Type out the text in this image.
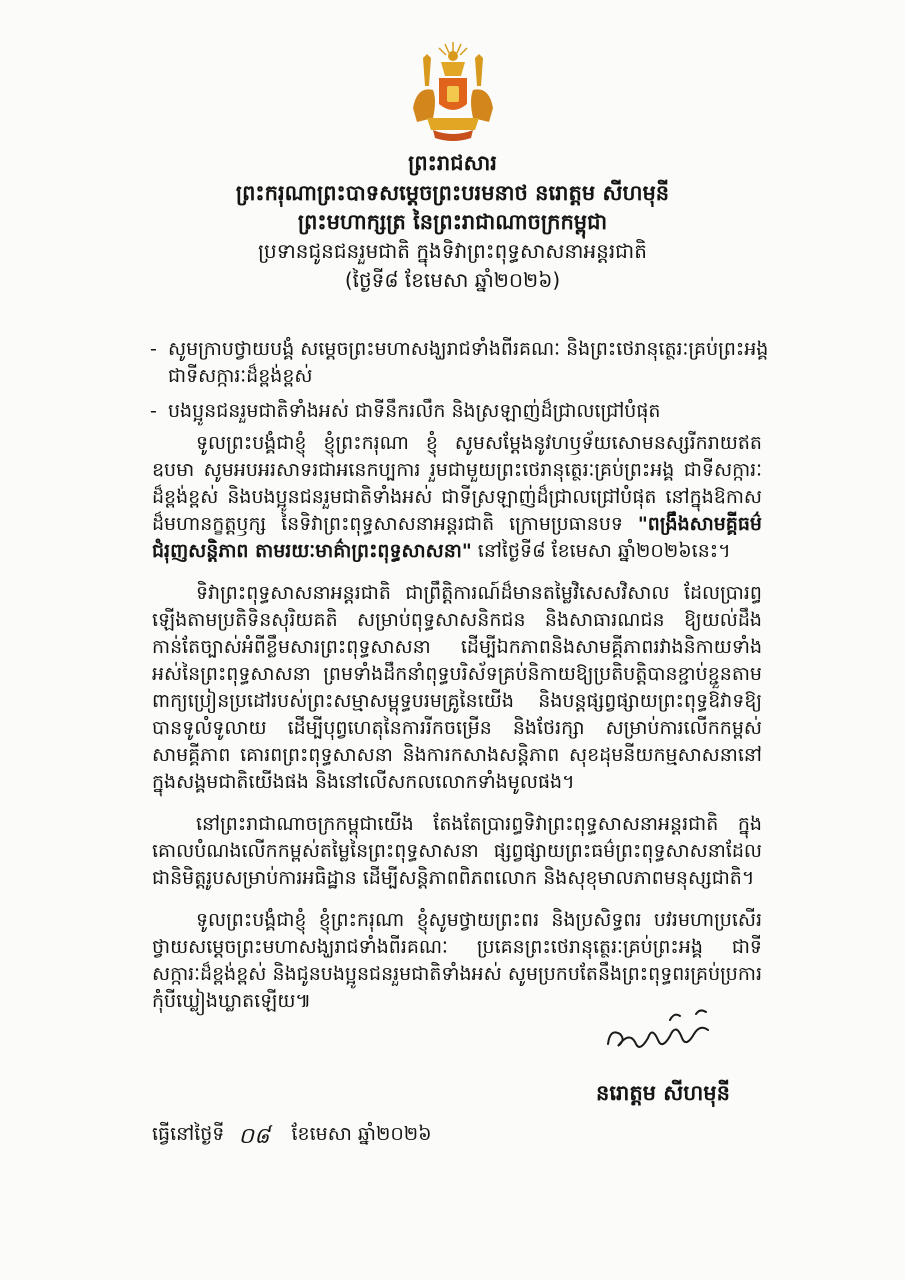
ព្រះរាជសារ
ព្រះករុណាព្រះបាទសម្ដេចព្រះបរមនាថ នរោត្តម សីហមុនី
ព្រះមហាក្សត្រ នៃព្រះរាជាណាចក្រកម្ពុជា
ប្រទានជូនជនរួមជាតិ ក្នុងទិវាព្រះពុទ្ធសាសនាអន្តរជាតិ
(ថ្ងៃទី៨ ខែមេសា ឆ្នាំ២០២៦)
- សូមក្រាបថ្វាយបង្គំ សម្ដេចព្រះមហាសង្ឃរាជទាំងពីរគណៈ និងព្រះថេរានុត្ថេរៈគ្រប់ព្រះអង្គ ជាទីសក្ការៈដ៏ខ្ពង់ខ្ពស់
- បងប្អូនជនរួមជាតិទាំងអស់ ជាទីនឹករលឹក និងស្រឡាញ់ដ៏ជ្រាលជ្រៅបំផុត

ទូលព្រះបង្គំជាខ្ញុំ ខ្ញុំព្រះករុណា ខ្ញុំ សូមសម្ដែងនូវហឫទ័យសោមនស្សរីករាយឥតឧបមា សូមអបអរសាទរជាអនេកប្បការ រួមជាមួយព្រះថេរានុត្ថេរៈគ្រប់ព្រះអង្គ ជាទីសក្ការៈដ៏ខ្ពង់ខ្ពស់ និងបងប្អូនជនរួមជាតិទាំងអស់ ជាទីស្រឡាញ់ដ៏ជ្រាលជ្រៅបំផុត នៅក្នុងឱកាសដ៏មហានក្ខត្តឫក្ស នៃទិវាព្រះពុទ្ធសាសនាអន្តរជាតិ ក្រោមប្រធានបទ "ពង្រឹងសាមគ្គីធម៌ ជំរុញសន្តិភាព តាមរយៈមាគ៌ាព្រះពុទ្ធសាសនា" នៅថ្ងៃទី៨ ខែមេសា ឆ្នាំ២០២៦នេះ។

ទិវាព្រះពុទ្ធសាសនាអន្តរជាតិ ជាព្រឹត្តិការណ៍ដ៏មានតម្លៃវិសេសវិសាល ដែលប្រារព្ធឡើងតាមប្រតិទិនសុរិយគតិ សម្រាប់ពុទ្ធសាសនិកជន និងសាធារណជន ឱ្យយល់ដឹងកាន់តែច្បាស់អំពីខ្លឹមសារព្រះពុទ្ធសាសនា ដើម្បីឯកភាពនិងសាមគ្គីភាពរវាងនិកាយទាំងអស់នៃព្រះពុទ្ធសាសនា ព្រមទាំងដឹកនាំពុទ្ធបរិស័ទគ្រប់និកាយឱ្យប្រតិបត្តិបានខ្ជាប់ខ្ជួនតាមពាក្យប្រៀនប្រដៅរបស់ព្រះសម្មាសម្ពុទ្ធបរមគ្រូនៃយើង និងបន្តផ្សព្វផ្សាយព្រះពុទ្ធឱវាទឱ្យបានទូលំទូលាយ ដើម្បីបុព្វហេតុនៃការរីកចម្រើន និងថែរក្សា សម្រាប់ការលើកកម្ពស់ សាមគ្គីភាព គោរពព្រះពុទ្ធសាសនា និងការកសាងសន្តិភាព សុខដុមនីយកម្មសាសនានៅក្នុងសង្គមជាតិយើងផង និងនៅលើសកលលោកទាំងមូលផង។

នៅព្រះរាជាណាចក្រកម្ពុជាយើង តែងតែប្រារព្ធទិវាព្រះពុទ្ធសាសនាអន្តរជាតិ ក្នុងគោលបំណងលើកកម្ពស់តម្លៃនៃព្រះពុទ្ធសាសនា ផ្សព្វផ្សាយព្រះធម៌ព្រះពុទ្ធសាសនាដែលជានិមិត្តរូបសម្រាប់ការអធិដ្ឋាន ដើម្បីសន្តិភាពពិភពលោក និងសុខុមាលភាពមនុស្សជាតិ។

ទូលព្រះបង្គំជាខ្ញុំ ខ្ញុំព្រះករុណា ខ្ញុំសូមថ្វាយព្រះពរ និងប្រសិទ្ធពរ បវរមហាប្រសើរ ថ្វាយសម្ដេចព្រះមហាសង្ឃរាជទាំងពីរគណៈ ប្រគេនព្រះថេរានុត្ថេរៈគ្រប់ព្រះអង្គ ជាទីសក្ការៈដ៏ខ្ពង់ខ្ពស់ និងជូនបងប្អូនជនរួមជាតិទាំងអស់ សូមប្រកបតែនឹងព្រះពុទ្ធពរគ្រប់ប្រការ កុំបីឃ្លៀងឃ្លាតឡើយ៕

នរោត្តម សីហមុនី
ធ្វើនៅថ្ងៃទី ០៨ ខែមេសា ឆ្នាំ២០២៦
